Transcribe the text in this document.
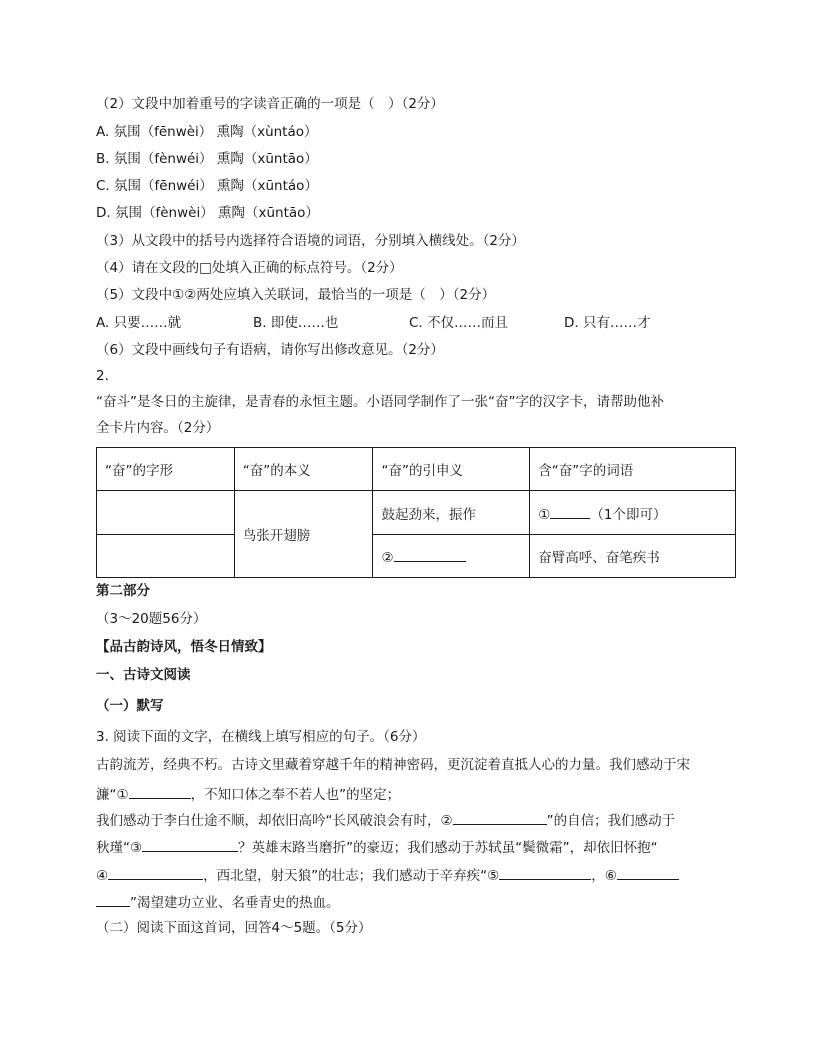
（2）文段中加着重号的字读音正确的一项是（　）（2分）
A. 氛围（fēnwèi） 熏陶（xùntáo）
B. 氛围（fènwéi） 熏陶（xūntāo）
C. 氛围（fēnwéi） 熏陶（xūntáo）
D. 氛围（fènwèi） 熏陶（xūntāo）
（3）从文段中的括号内选择符合语境的词语，分别填入横线处。（2分）
（4）请在文段的□处填入正确的标点符号。（2分）
（5）文段中①②两处应填入关联词，最恰当的一项是（　）（2分）
A. 只要……就	B. 即使……也	C. 不仅……而且	D. 只有……才
（6）文段中画线句子有语病，请你写出修改意见。（2分）
2.
“奋斗”是冬日的主旋律，是青春的永恒主题。小语同学制作了一张“奋”字的汉字卡，请帮助他补
全卡片内容。（2分）
“奋”的字形	“奋”的本义	“奋”的引申义	含“奋”字的词语
	鸟张开翅膀	鼓起劲来，振作	① （1个即可）
		②	奋臂高呼、奋笔疾书
第二部分
（3～20题56分）
【品古韵诗风，悟冬日情致】
一、古诗文阅读
（一）默写
3. 阅读下面的文字，在横线上填写相应的句子。（6分）
古韵流芳，经典不朽。古诗文里藏着穿越千年的精神密码，更沉淀着直抵人心的力量。我们感动于宋
濂“①	，不知口体之奉不若人也”的坚定；
我们感动于李白仕途不顺，却依旧高吟“长风破浪会有时，②	”的自信；我们感动于
秋瑾“③	？英雄末路当磨折”的豪迈；我们感动于苏轼虽“鬓微霜”，却依旧怀抱“
④	，西北望，射天狼”的壮志；我们感动于辛弃疾“⑤	，⑥
”渴望建功立业、名垂青史的热血。
（二）阅读下面这首词，回答4～5题。（5分）
